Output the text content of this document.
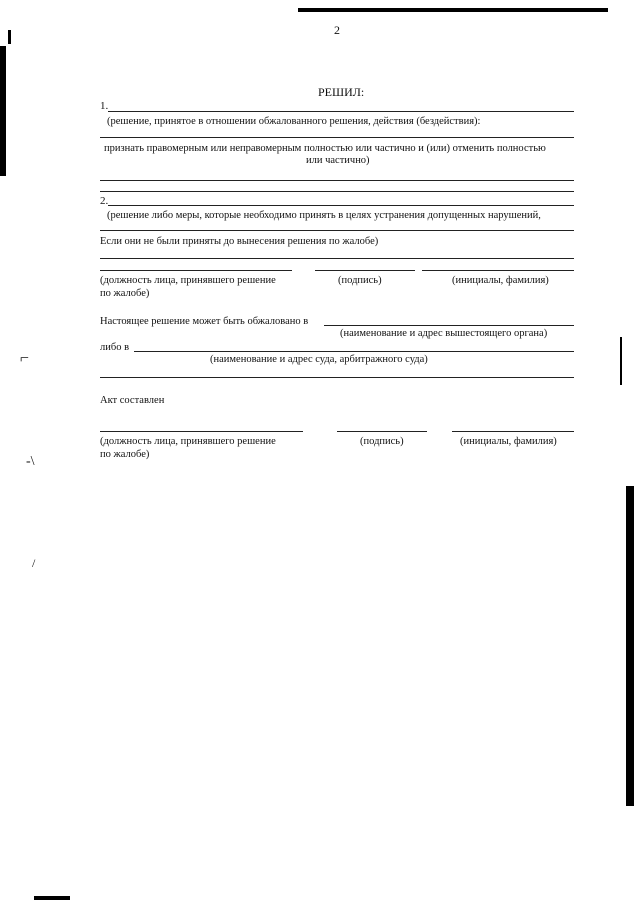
⌐
-\
/
2
РЕШИЛ:
1.
(решение, принятое в отношении обжалованного решения, действия (бездействия):
признать правомерным или неправомерным полностью или частично и (или) отменить полностью
или частично)
2.
(решение либо меры, которые необходимо принять в целях устранения допущенных нарушений,
Если они не были приняты до вынесения решения по жалобе)
(должность лица, принявшего решение
по жалобе)
(подпись)	(инициалы, фамилия)
Настоящее решение может быть обжаловано в
(наименование и адрес вышестоящего органа)
либо в
(наименование и адрес суда, арбитражного суда)
Акт составлен
(должность лица, принявшего решение
по жалобе)
(подпись)	(инициалы, фамилия)
